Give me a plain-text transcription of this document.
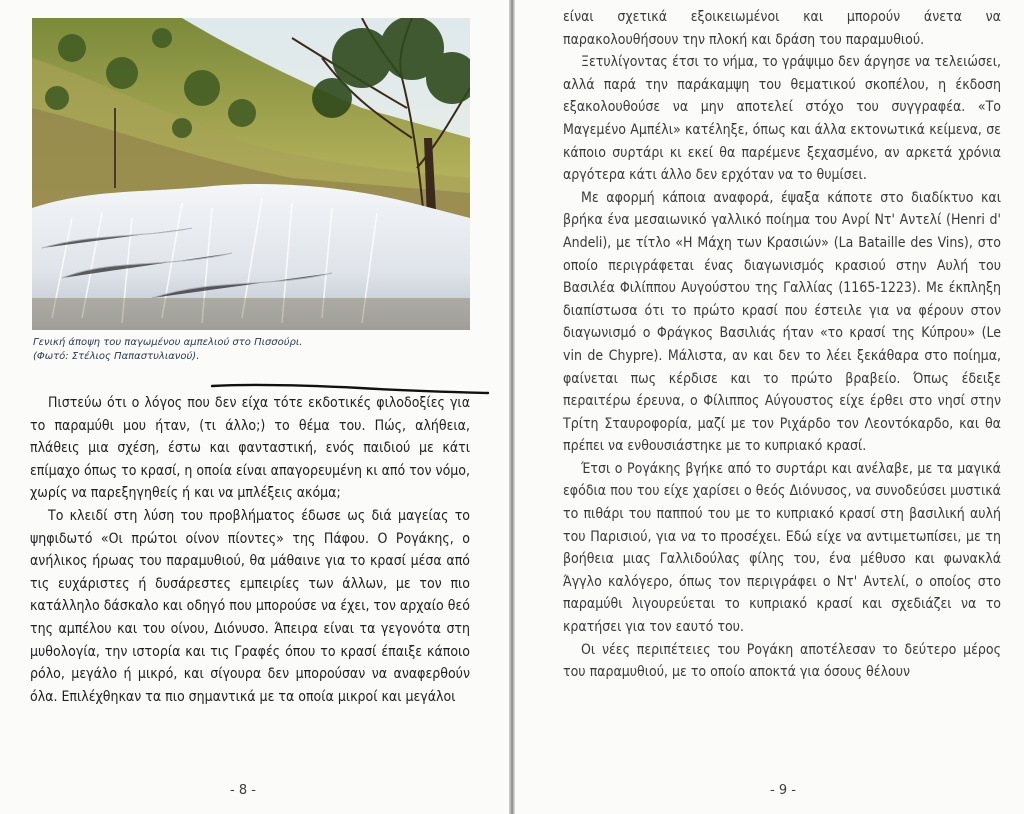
Γενική άποψη του παγωμένου αμπελιού στο Πισσούρι.
(Φωτό: Στέλιος Παπαστυλιανού).

Πιστεύω ότι ο λόγος που δεν είχα τότε εκδοτικές φιλοδοξίες για το παραμύθι μου ήταν, (τι άλλο;) το θέμα του. Πώς, αλήθεια, πλάθεις μια σχέση, έστω και φανταστική, ενός παιδιού με κάτι επίμαχο όπως το κρασί, η οποία είναι απαγορευμένη κι από τον νόμο, χωρίς να παρεξηγηθείς ή και να μπλέξεις ακόμα;

Το κλειδί στη λύση του προβλήματος έδωσε ως διά μαγείας το ψηφιδωτό «Οι πρώτοι οίνον πίοντες» της Πάφου. Ο Ρογάκης, ο ανήλικος ήρωας του παραμυθιού, θα μάθαινε για το κρασί μέσα από τις ευχάριστες ή δυσάρεστες εμπειρίες των άλλων, με τον πιο κατάλληλο δάσκαλο και οδηγό που μπορούσε να έχει, τον αρχαίο θεό της αμπέλου και του οίνου, Διόνυσο. Άπειρα είναι τα γεγονότα στη μυθολογία, την ιστορία και τις Γραφές όπου το κρασί έπαιξε κάποιο ρόλο, μεγάλο ή μικρό, και σίγουρα δεν μπορούσαν να αναφερθούν όλα. Επιλέχθηκαν τα πιο σημαντικά με τα οποία μικροί και μεγάλοι

είναι σχετικά εξοικειωμένοι και μπορούν άνετα να παρακολουθήσουν την πλοκή και δράση του παραμυθιού.

Ξετυλίγοντας έτσι το νήμα, το γράψιμο δεν άργησε να τελειώσει, αλλά παρά την παράκαμψη του θεματικού σκοπέλου, η έκδοση εξακολουθούσε να μην αποτελεί στόχο του συγγραφέα. «Το Μαγεμένο Αμπέλι» κατέληξε, όπως και άλλα εκτονωτικά κείμενα, σε κάποιο συρτάρι κι εκεί θα παρέμενε ξεχασμένο, αν αρκετά χρόνια αργότερα κάτι άλλο δεν ερχόταν να το θυμίσει.

Με αφορμή κάποια αναφορά, έψαξα κάποτε στο διαδίκτυο και βρήκα ένα μεσαιωνικό γαλλικό ποίημα του Ανρί Ντ' Αντελί (Henri d' Andeli), με τίτλο «Η Μάχη των Κρασιών» (La Bataille des Vins), στο οποίο περιγράφεται ένας διαγωνισμός κρασιού στην Αυλή του Βασιλέα Φιλίππου Αυγούστου της Γαλλίας (1165-1223). Με έκπληξη διαπίστωσα ότι το πρώτο κρασί που έστειλε για να φέρουν στον διαγωνισμό ο Φράγκος Βασιλιάς ήταν «το κρασί της Κύπρου» (Le vin de Chypre). Μάλιστα, αν και δεν το λέει ξεκάθαρα στο ποίημα, φαίνεται πως κέρδισε και το πρώτο βραβείο. Όπως έδειξε περαιτέρω έρευνα, ο Φίλιππος Αύγουστος είχε έρθει στο νησί στην Τρίτη Σταυροφορία, μαζί με τον Ριχάρδο τον Λεοντόκαρδο, και θα πρέπει να ενθουσιάστηκε με το κυπριακό κρασί.

Έτσι ο Ρογάκης βγήκε από το συρτάρι και ανέλαβε, με τα μαγικά εφόδια που του είχε χαρίσει ο θεός Διόνυσος, να συνοδεύσει μυστικά το πιθάρι του παππού του με το κυπριακό κρασί στη βασιλική αυλή του Παρισιού, για να το προσέχει. Εδώ είχε να αντιμετωπίσει, με τη βοήθεια μιας Γαλλιδούλας φίλης του, ένα μέθυσο και φωνακλά Άγγλο καλόγερο, όπως τον περιγράφει ο Ντ' Αντελί, ο οποίος στο παραμύθι λιγουρεύεται το κυπριακό κρασί και σχεδιάζει να το κρατήσει για τον εαυτό του.

Οι νέες περιπέτειες του Ρογάκη αποτέλεσαν το δεύτερο μέρος του παραμυθιού, με το οποίο αποκτά για όσους θέλουν

- 8 -	- 9 -
